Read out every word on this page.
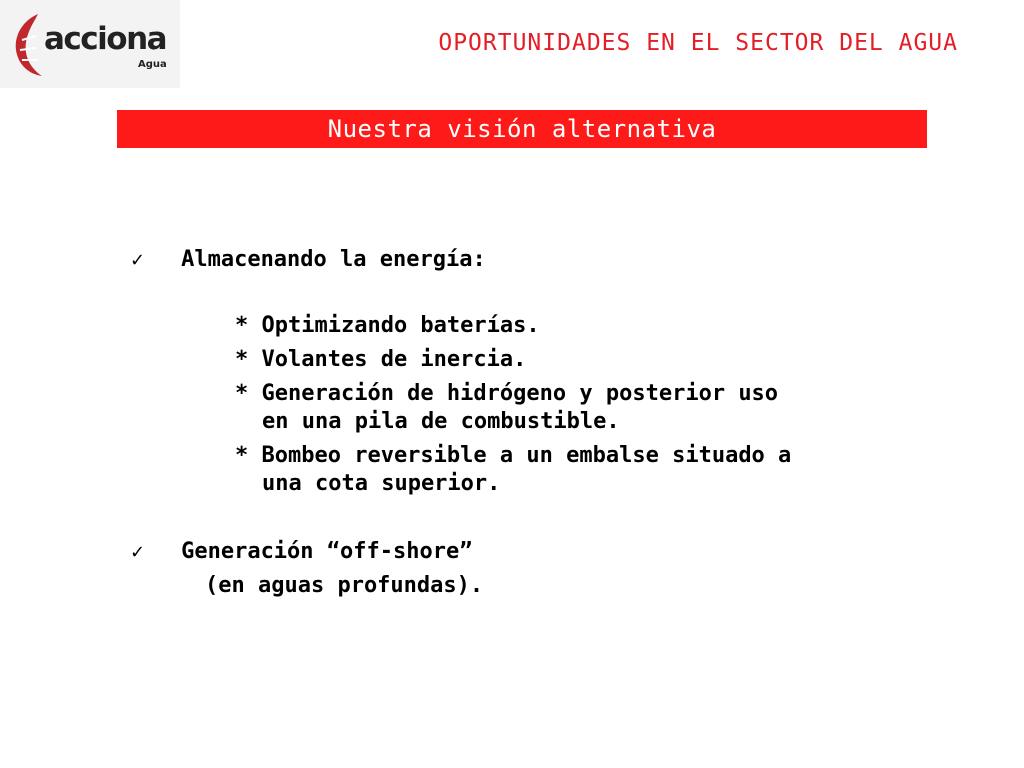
acciona
Agua
OPORTUNIDADES EN EL SECTOR DEL AGUA
Nuestra visión alternativa
✓ Almacenando la energía:
* Optimizando baterías.
* Volantes de inercia.
* Generación de hidrógeno y posterior uso
en una pila de combustible.
* Bombeo reversible a un embalse situado a
una cota superior.
✓ Generación “off-shore”
(en aguas profundas).
